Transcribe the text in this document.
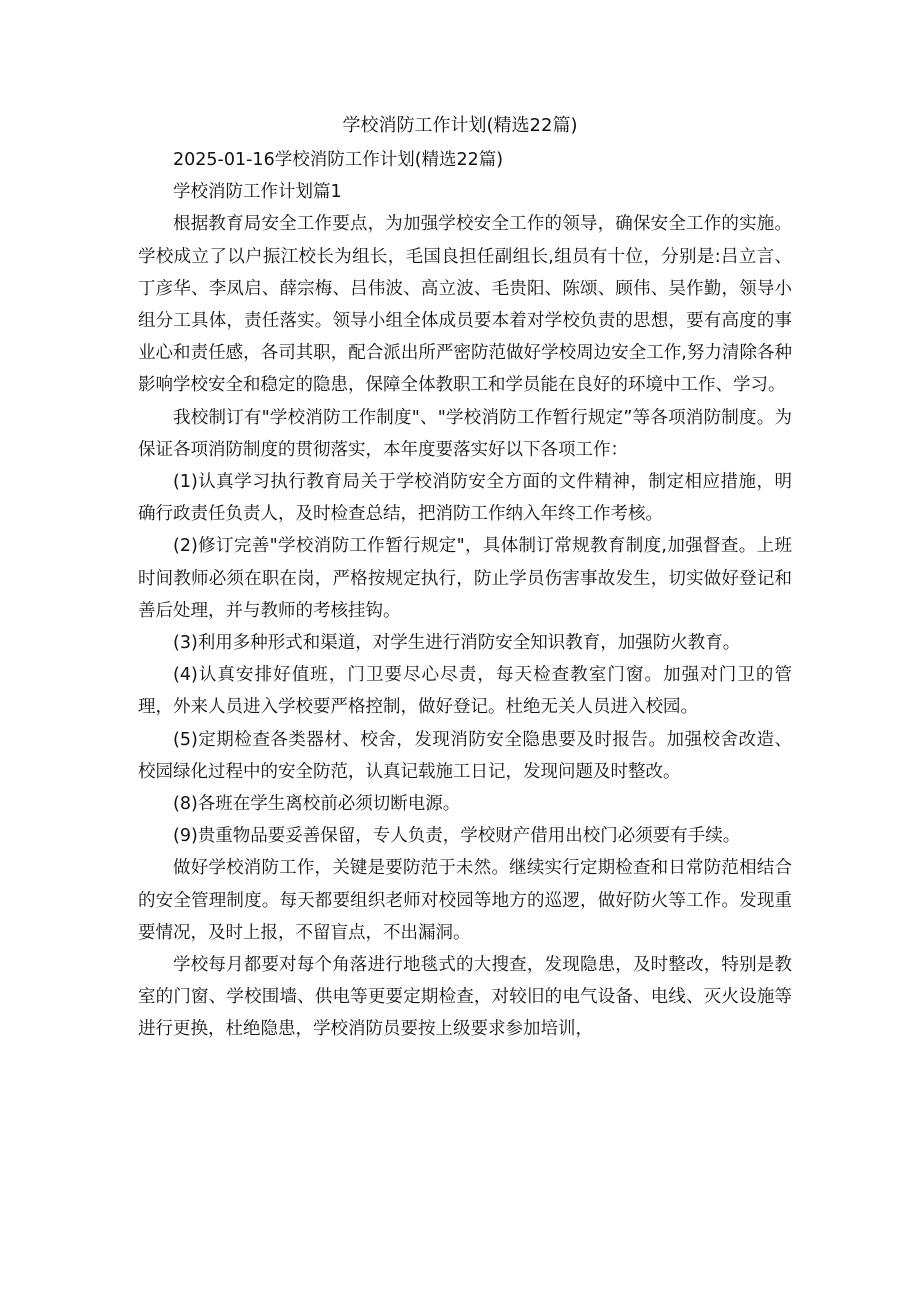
学校消防工作计划(精选22篇)

2025-01-16学校消防工作计划(精选22篇)

学校消防工作计划篇1

根据教育局安全工作要点，为加强学校安全工作的领导，确保安全工作的实施。学校成立了以户振江校长为组长，毛国良担任副组长,组员有十位，分别是:吕立言、丁彦华、李凤启、薛宗梅、吕伟波、高立波、毛贵阳、陈颂、顾伟、吴作勤，领导小组分工具体，责任落实。领导小组全体成员要本着对学校负责的思想，要有高度的事业心和责任感，各司其职，配合派出所严密防范做好学校周边安全工作,努力清除各种影响学校安全和稳定的隐患，保障全体教职工和学员能在良好的环境中工作、学习。

我校制订有"学校消防工作制度"、"学校消防工作暂行规定”等各项消防制度。为保证各项消防制度的贯彻落实，本年度要落实好以下各项工作：

(1)认真学习执行教育局关于学校消防安全方面的文件精神，制定相应措施，明确行政责任负责人，及时检查总结，把消防工作纳入年终工作考核。

(2)修订完善"学校消防工作暂行规定"，具体制订常规教育制度,加强督查。上班时间教师必须在职在岗，严格按规定执行，防止学员伤害事故发生，切实做好登记和善后处理，并与教师的考核挂钩。

(3)利用多种形式和渠道，对学生进行消防安全知识教育，加强防火教育。

(4)认真安排好值班，门卫要尽心尽责，每天检查教室门窗。加强对门卫的管理，外来人员进入学校要严格控制，做好登记。杜绝无关人员进入校园。

(5)定期检查各类器材、校舍，发现消防安全隐患要及时报告。加强校舍改造、校园绿化过程中的安全防范，认真记载施工日记，发现问题及时整改。

(8)各班在学生离校前必须切断电源。

(9)贵重物品要妥善保留，专人负责，学校财产借用出校门必须要有手续。

做好学校消防工作，关键是要防范于未然。继续实行定期检查和日常防范相结合的安全管理制度。每天都要组织老师对校园等地方的巡逻，做好防火等工作。发现重要情况，及时上报，不留盲点，不出漏洞。

学校每月都要对每个角落进行地毯式的大搜查，发现隐患，及时整改，特别是教室的门窗、学校围墙、供电等更要定期检查，对较旧的电气设备、电线、灭火设施等进行更换，杜绝隐患，学校消防员要按上级要求参加培训，
